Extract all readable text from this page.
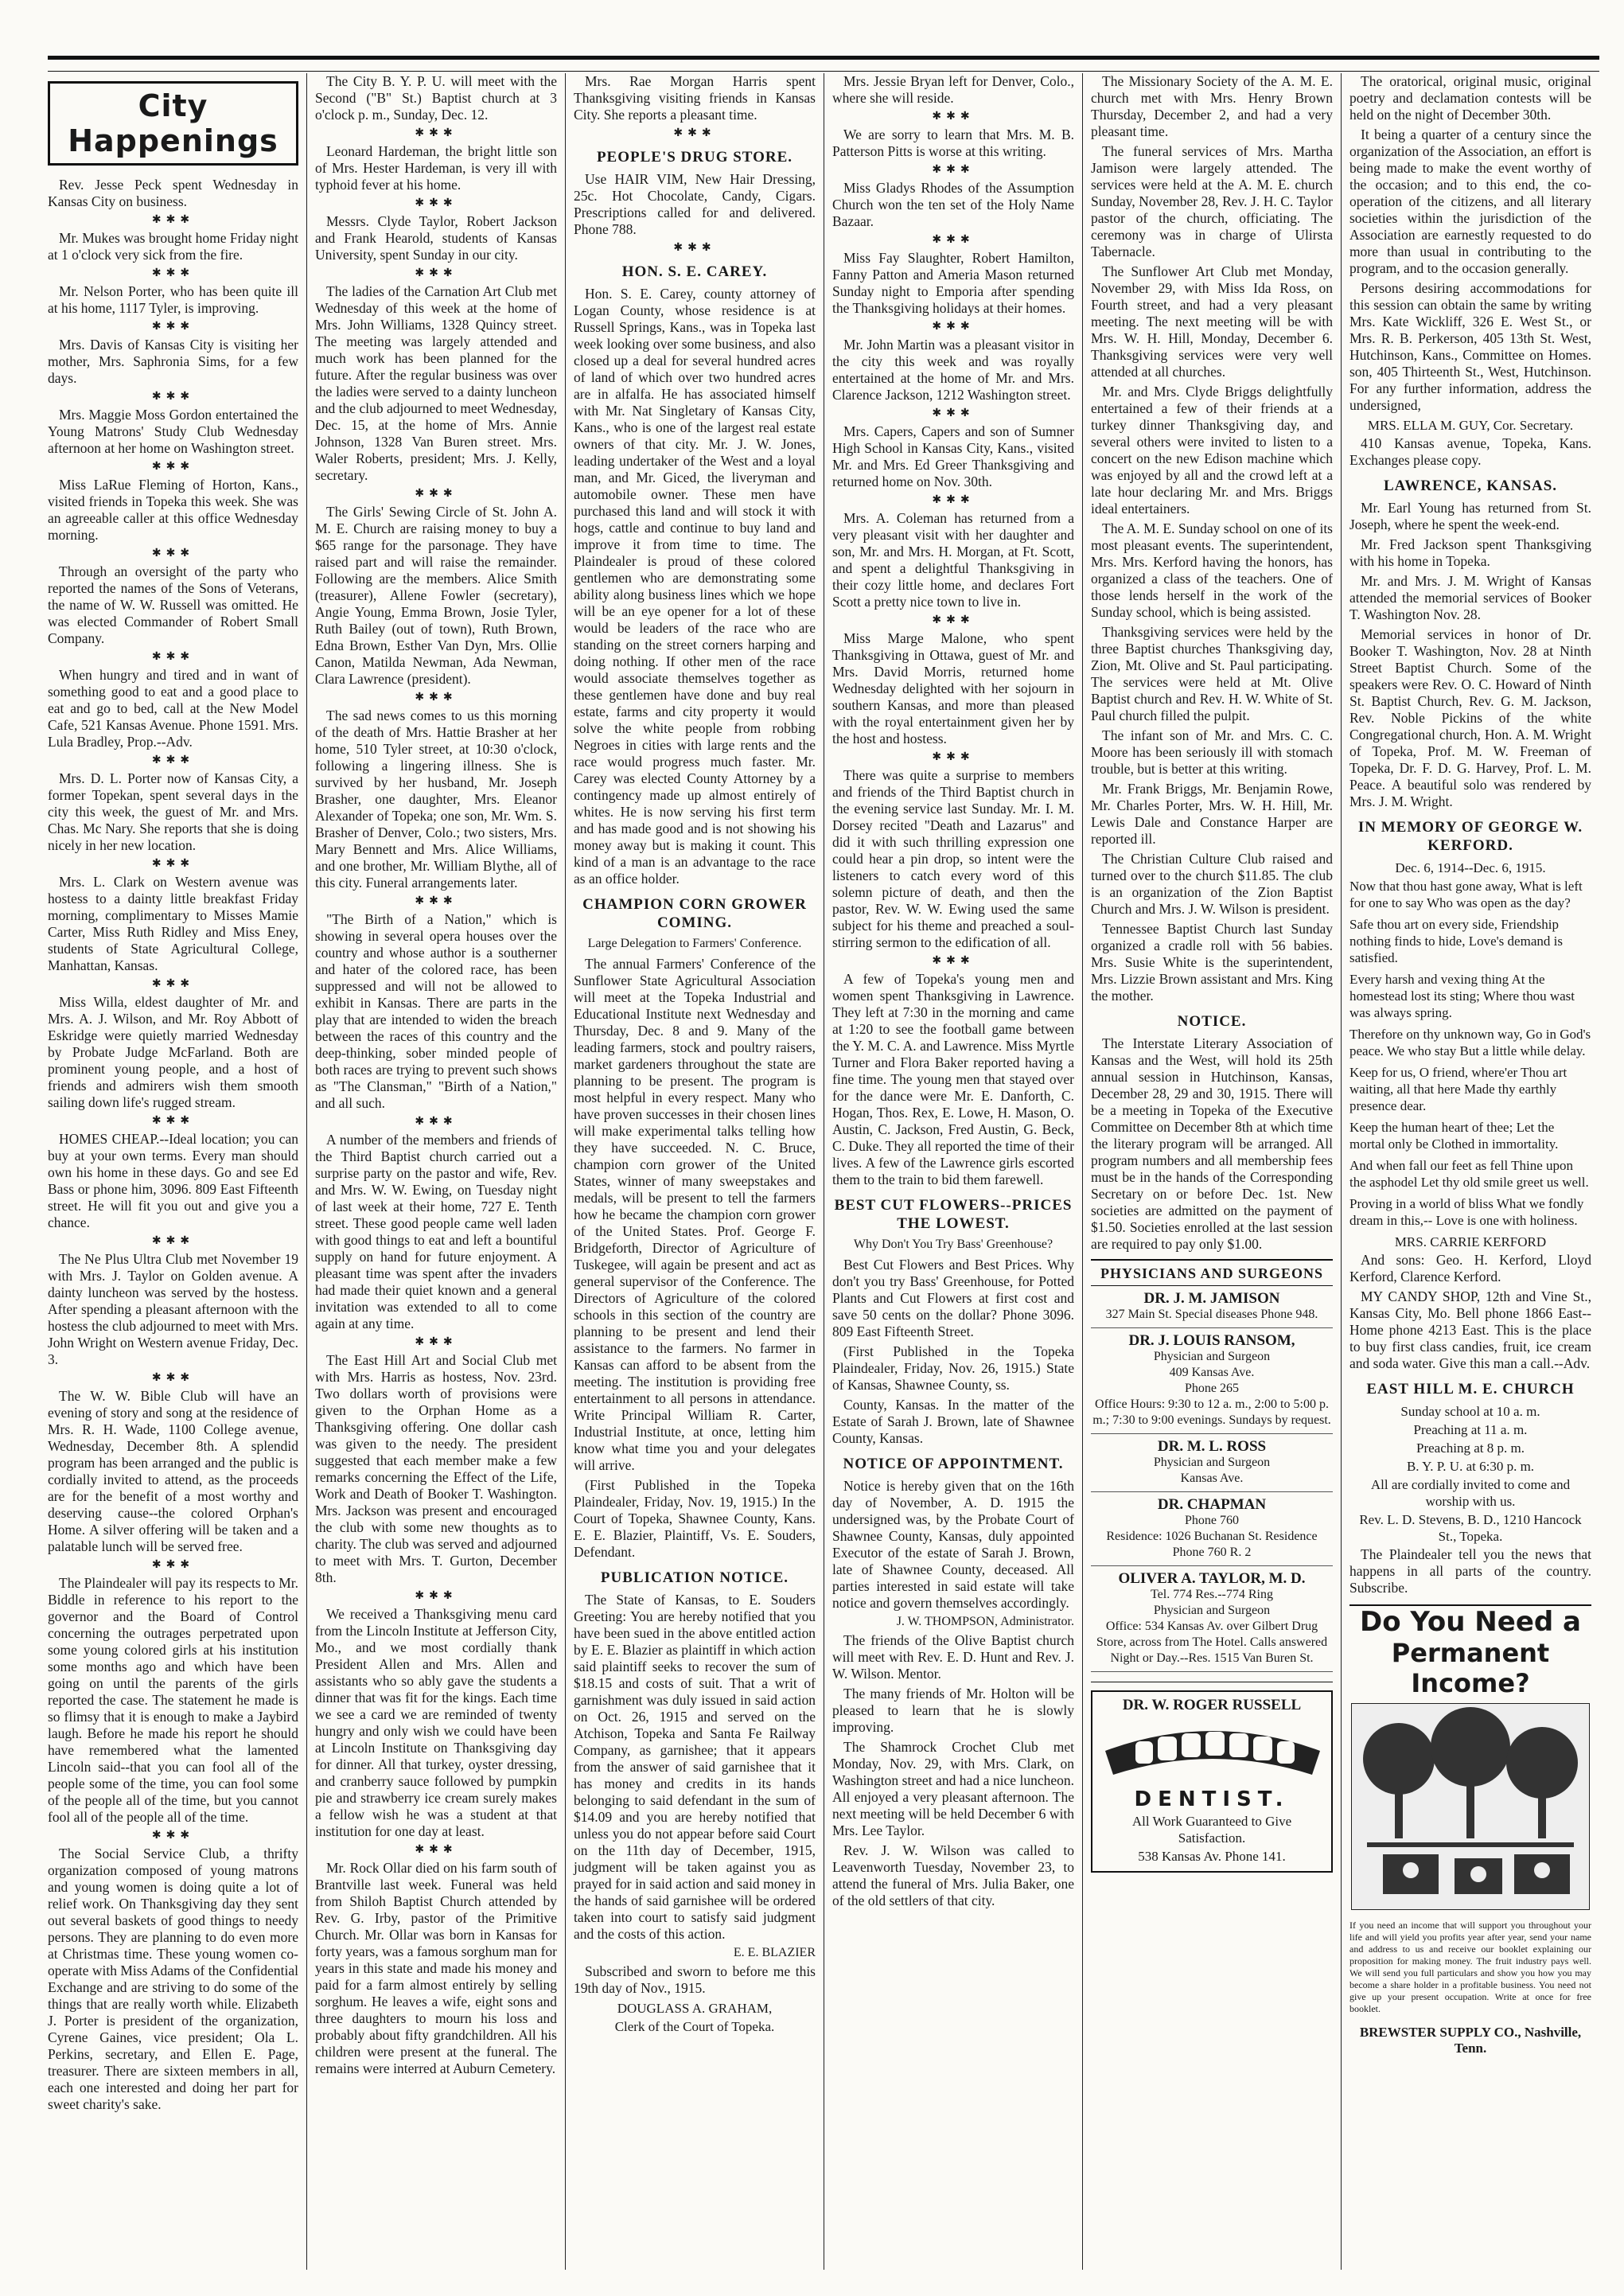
City Happenings

Rev. Jesse Peck spent Wednesday in Kansas City on business.

✱✱✱

Mr. Mukes was brought home Friday night at 1 o'clock very sick from the fire.

✱✱✱

Mr. Nelson Porter, who has been quite ill at his home, 1117 Tyler, is improving.

✱✱✱

Mrs. Davis of Kansas City is visiting her mother, Mrs. Saphronia Sims, for a few days.

✱✱✱

Mrs. Maggie Moss Gordon entertained the Young Matrons' Study Club Wednesday afternoon at her home on Washington street.

✱✱✱

Miss LaRue Fleming of Horton, Kans., visited friends in Topeka this week. She was an agreeable caller at this office Wednesday morning.

✱✱✱

Through an oversight of the party who reported the names of the Sons of Veterans, the name of W. W. Russell was omitted. He was elected Commander of Robert Small Company.

✱✱✱

When hungry and tired and in want of something good to eat and a good place to eat and go to bed, call at the New Model Cafe, 521 Kansas Avenue. Phone 1591. Mrs. Lula Bradley, Prop.--Adv.

✱✱✱

Mrs. D. L. Porter now of Kansas City, a former Topekan, spent several days in the city this week, the guest of Mr. and Mrs. Chas. Mc Nary. She reports that she is doing nicely in her new location.

✱✱✱

Mrs. L. Clark on Western avenue was hostess to a dainty little breakfast Friday morning, complimentary to Misses Mamie Carter, Miss Ruth Ridley and Miss Eney, students of State Agricultural College, Manhattan, Kansas.

✱✱✱

Miss Willa, eldest daughter of Mr. and Mrs. A. J. Wilson, and Mr. Roy Abbott of Eskridge were quietly married Wednesday by Probate Judge McFarland. Both are prominent young people, and a host of friends and admirers wish them smooth sailing down life's rugged stream.

✱✱✱

HOMES CHEAP.--Ideal location; you can buy at your own terms. Every man should own his home in these days. Go and see Ed Bass or phone him, 3096. 809 East Fifteenth street. He will fit you out and give you a chance.

✱✱✱

The Ne Plus Ultra Club met November 19 with Mrs. J. Taylor on Golden avenue. A dainty luncheon was served by the hostess. After spending a pleasant afternoon with the hostess the club adjourned to meet with Mrs. John Wright on Western avenue Friday, Dec. 3.

✱✱✱

The W. W. Bible Club will have an evening of story and song at the residence of Mrs. R. H. Wade, 1100 College avenue, Wednesday, December 8th. A splendid program has been arranged and the public is cordially invited to attend, as the proceeds are for the benefit of a most worthy and deserving cause--the colored Orphan's Home. A silver offering will be taken and a palatable lunch will be served free.

✱✱✱

The Plaindealer will pay its respects to Mr. Biddle in reference to his report to the governor and the Board of Control concerning the outrages perpetrated upon some young colored girls at his institution some months ago and which have been going on until the parents of the girls reported the case. The statement he made is so flimsy that it is enough to make a Jaybird laugh. Before he made his report he should have remembered what the lamented Lincoln said--that you can fool all of the people some of the time, you can fool some of the people all of the time, but you cannot fool all of the people all of the time.

✱✱✱

The Social Service Club, a thrifty organization composed of young matrons and young women is doing quite a lot of relief work. On Thanksgiving day they sent out several baskets of good things to needy persons. They are planning to do even more at Christmas time. These young women co-operate with Miss Adams of the Confidential Exchange and are striving to do some of the things that are really worth while. Elizabeth J. Porter is president of the organization, Cyrene Gaines, vice president; Ola L. Perkins, secretary, and Ellen E. Page, treasurer. There are sixteen members in all, each one interested and doing her part for sweet charity's sake.

The City B. Y. P. U. will meet with the Second ("B" St.) Baptist church at 3 o'clock p. m., Sunday, Dec. 12.

✱✱✱

Leonard Hardeman, the bright little son of Mrs. Hester Hardeman, is very ill with typhoid fever at his home.

✱✱✱

Messrs. Clyde Taylor, Robert Jackson and Frank Hearold, students of Kansas University, spent Sunday in our city.

✱✱✱

The ladies of the Carnation Art Club met Wednesday of this week at the home of Mrs. John Williams, 1328 Quincy street. The meeting was largely attended and much work has been planned for the future. After the regular business was over the ladies were served to a dainty luncheon and the club adjourned to meet Wednesday, Dec. 15, at the home of Mrs. Annie Johnson, 1328 Van Buren street. Mrs. Waler Roberts, president; Mrs. J. Kelly, secretary.

✱✱✱

The Girls' Sewing Circle of St. John A. M. E. Church are raising money to buy a $65 range for the parsonage. They have raised part and will raise the remainder. Following are the members. Alice Smith (treasurer), Allene Fowler (secretary), Angie Young, Emma Brown, Josie Tyler, Ruth Bailey (out of town), Ruth Brown, Edna Brown, Esther Van Dyn, Mrs. Ollie Canon, Matilda Newman, Ada Newman, Clara Lawrence (president).

✱✱✱

The sad news comes to us this morning of the death of Mrs. Hattie Brasher at her home, 510 Tyler street, at 10:30 o'clock, following a lingering illness. She is survived by her husband, Mr. Joseph Brasher, one daughter, Mrs. Eleanor Alexander of Topeka; one son, Mr. Wm. S. Brasher of Denver, Colo.; two sisters, Mrs. Mary Bennett and Mrs. Alice Williams, and one brother, Mr. William Blythe, all of this city. Funeral arrangements later.

✱✱✱

"The Birth of a Nation," which is showing in several opera houses over the country and whose author is a southerner and hater of the colored race, has been suppressed and will not be allowed to exhibit in Kansas. There are parts in the play that are intended to widen the breach between the races of this country and the deep-thinking, sober minded people of both races are trying to prevent such shows as "The Clansman," "Birth of a Nation," and all such.

✱✱✱

A number of the members and friends of the Third Baptist church carried out a surprise party on the pastor and wife, Rev. and Mrs. W. W. Ewing, on Tuesday night of last week at their home, 727 E. Tenth street. These good people came well laden with good things to eat and left a bountiful supply on hand for future enjoyment. A pleasant time was spent after the invaders had made their quiet known and a general invitation was extended to all to come again at any time.

✱✱✱

The East Hill Art and Social Club met with Mrs. Harris as hostess, Nov. 23rd. Two dollars worth of provisions were given to the Orphan Home as a Thanksgiving offering. One dollar cash was given to the needy. The president suggested that each member make a few remarks concerning the Effect of the Life, Work and Death of Booker T. Washington. Mrs. Jackson was present and encouraged the club with some new thoughts as to charity. The club was served and adjourned to meet with Mrs. T. Gurton, December 8th.

✱✱✱

We received a Thanksgiving menu card from the Lincoln Institute at Jefferson City, Mo., and we most cordially thank President Allen and Mrs. Allen and assistants who so ably gave the students a dinner that was fit for the kings. Each time we see a card we are reminded of twenty hungry and only wish we could have been at Lincoln Institute on Thanksgiving day for dinner. All that turkey, oyster dressing, and cranberry sauce followed by pumpkin pie and strawberry ice cream surely makes a fellow wish he was a student at that institution for one day at least.

✱✱✱

Mr. Rock Ollar died on his farm south of Brantville last week. Funeral was held from Shiloh Baptist Church attended by Rev. G. Irby, pastor of the Primitive Church. Mr. Ollar was born in Kansas for forty years, was a famous sorghum man for years in this state and made his money and paid for a farm almost entirely by selling sorghum. He leaves a wife, eight sons and three daughters to mourn his loss and probably about fifty grandchildren. All his children were present at the funeral. The remains were interred at Auburn Cemetery.

Mrs. Rae Morgan Harris spent Thanksgiving visiting friends in Kansas City. She reports a pleasant time.

✱✱✱
PEOPLE'S DRUG STORE.

Use HAIR VIM, New Hair Dressing, 25c. Hot Chocolate, Candy, Cigars. Prescriptions called for and delivered. Phone 788.

✱✱✱
HON. S. E. CAREY.

Hon. S. E. Carey, county attorney of Logan County, whose residence is at Russell Springs, Kans., was in Topeka last week looking over some business, and also closed up a deal for several hundred acres of land of which over two hundred acres are in alfalfa. He has associated himself with Mr. Nat Singletary of Kansas City, Kans., who is one of the largest real estate owners of that city. Mr. J. W. Jones, leading undertaker of the West and a loyal man, and Mr. Giced, the liveryman and automobile owner. These men have purchased this land and will stock it with hogs, cattle and continue to buy land and improve it from time to time. The Plaindealer is proud of these colored gentlemen who are demonstrating some ability along business lines which we hope will be an eye opener for a lot of these would be leaders of the race who are standing on the street corners harping and doing nothing. If other men of the race would associate themselves together as these gentlemen have done and buy real estate, farms and city property it would solve the white people from robbing Negroes in cities with large rents and the race would progress much faster. Mr. Carey was elected County Attorney by a contingency made up almost entirely of whites. He is now serving his first term and has made good and is not showing his money away but is making it count. This kind of a man is an advantage to the race as an office holder.

CHAMPION CORN GROWER COMING.
Large Delegation to Farmers' Conference.

The annual Farmers' Conference of the Sunflower State Agricultural Association will meet at the Topeka Industrial and Educational Institute next Wednesday and Thursday, Dec. 8 and 9. Many of the leading farmers, stock and poultry raisers, market gardeners throughout the state are planning to be present. The program is most helpful in every respect. Many who have proven successes in their chosen lines will make experimental talks telling how they have succeeded. N. C. Bruce, champion corn grower of the United States, winner of many sweepstakes and medals, will be present to tell the farmers how he became the champion corn grower of the United States. Prof. George F. Bridgeforth, Director of Agriculture of Tuskegee, will again be present and act as general supervisor of the Conference. The Directors of Agriculture of the colored schools in this section of the country are planning to be present and lend their assistance to the farmers. No farmer in Kansas can afford to be absent from the meeting. The institution is providing free entertainment to all persons in attendance. Write Principal William R. Carter, Industrial Institute, at once, letting him know what time you and your delegates will arrive.

(First Published in the Topeka Plaindealer, Friday, Nov. 19, 1915.) In the Court of Topeka, Shawnee County, Kans. E. E. Blazier, Plaintiff, Vs. E. Souders, Defendant.

PUBLICATION NOTICE.

The State of Kansas, to E. Souders Greeting: You are hereby notified that you have been sued in the above entitled action by E. E. Blazier as plaintiff in which action said plaintiff seeks to recover the sum of $18.15 and costs of suit. That a writ of garnishment was duly issued in said action on Oct. 26, 1915 and served on the Atchison, Topeka and Santa Fe Railway Company, as garnishee; that it appears from the answer of said garnishee that it has money and credits in its hands belonging to said defendant in the sum of $14.09 and you are hereby notified that unless you do not appear before said Court on the 11th day of December, 1915, judgment will be taken against you as prayed for in said action and said money in the hands of said garnishee will be ordered taken into court to satisfy said judgment and the costs of this action.

E. E. BLAZIER

Subscribed and sworn to before me this 19th day of Nov., 1915.

DOUGLASS A. GRAHAM,
Clerk of the Court of Topeka.

Mrs. Jessie Bryan left for Denver, Colo., where she will reside.

✱✱✱

We are sorry to learn that Mrs. M. B. Patterson Pitts is worse at this writing.

✱✱✱

Miss Gladys Rhodes of the Assumption Church won the ten set of the Holy Name Bazaar.

✱✱✱

Miss Fay Slaughter, Robert Hamilton, Fanny Patton and Ameria Mason returned Sunday night to Emporia after spending the Thanksgiving holidays at their homes.

✱✱✱

Mr. John Martin was a pleasant visitor in the city this week and was royally entertained at the home of Mr. and Mrs. Clarence Jackson, 1212 Washington street.

✱✱✱

Mrs. Capers, Capers and son of Sumner High School in Kansas City, Kans., visited Mr. and Mrs. Ed Greer Thanksgiving and returned home on Nov. 30th.

✱✱✱

Mrs. A. Coleman has returned from a very pleasant visit with her daughter and son, Mr. and Mrs. H. Morgan, at Ft. Scott, and spent a delightful Thanksgiving in their cozy little home, and declares Fort Scott a pretty nice town to live in.

✱✱✱

Miss Marge Malone, who spent Thanksgiving in Ottawa, guest of Mr. and Mrs. David Morris, returned home Wednesday delighted with her sojourn in southern Kansas, and more than pleased with the royal entertainment given her by the host and hostess.

✱✱✱

There was quite a surprise to members and friends of the Third Baptist church in the evening service last Sunday. Mr. I. M. Dorsey recited "Death and Lazarus" and did it with such thrilling expression one could hear a pin drop, so intent were the listeners to catch every word of this solemn picture of death, and then the pastor, Rev. W. W. Ewing used the same subject for his theme and preached a soul-stirring sermon to the edification of all.

✱✱✱

A few of Topeka's young men and women spent Thanksgiving in Lawrence. They left at 7:30 in the morning and came at 1:20 to see the football game between the Y. M. C. A. and Lawrence. Miss Myrtle Turner and Flora Baker reported having a fine time. The young men that stayed over for the dance were Mr. E. Danforth, C. Hogan, Thos. Rex, E. Lowe, H. Mason, O. Austin, C. Jackson, Fred Austin, G. Beck, C. Duke. They all reported the time of their lives. A few of the Lawrence girls escorted them to the train to bid them farewell.

BEST CUT FLOWERS--PRICES THE LOWEST.
Why Don't You Try Bass' Greenhouse?

Best Cut Flowers and Best Prices. Why don't you try Bass' Greenhouse, for Potted Plants and Cut Flowers at first cost and save 50 cents on the dollar? Phone 3096. 809 East Fifteenth Street.

(First Published in the Topeka Plaindealer, Friday, Nov. 26, 1915.) State of Kansas, Shawnee County, ss.

County, Kansas. In the matter of the Estate of Sarah J. Brown, late of Shawnee County, Kansas.

NOTICE OF APPOINTMENT.

Notice is hereby given that on the 16th day of November, A. D. 1915 the undersigned was, by the Probate Court of Shawnee County, Kansas, duly appointed Executor of the estate of Sarah J. Brown, late of Shawnee County, deceased. All parties interested in said estate will take notice and govern themselves accordingly.

J. W. THOMPSON, Administrator.

The friends of the Olive Baptist church will meet with Rev. E. D. Hunt and Rev. J. W. Wilson. Mentor.

The many friends of Mr. Holton will be pleased to learn that he is slowly improving.

The Shamrock Crochet Club met Monday, Nov. 29, with Mrs. Clark, on Washington street and had a nice luncheon. All enjoyed a very pleasant afternoon. The next meeting will be held December 6 with Mrs. Lee Taylor.

Rev. J. W. Wilson was called to Leavenworth Tuesday, November 23, to attend the funeral of Mrs. Julia Baker, one of the old settlers of that city.

The Missionary Society of the A. M. E. church met with Mrs. Henry Brown Thursday, December 2, and had a very pleasant time.

The funeral services of Mrs. Martha Jamison were largely attended. The services were held at the A. M. E. church Sunday, November 28, Rev. J. H. C. Taylor pastor of the church, officiating. The ceremony was in charge of Ulirsta Tabernacle.

The Sunflower Art Club met Monday, November 29, with Miss Ida Ross, on Fourth street, and had a very pleasant meeting. The next meeting will be with Mrs. W. H. Hill, Monday, December 6. Thanksgiving services were very well attended at all churches.

Mr. and Mrs. Clyde Briggs delightfully entertained a few of their friends at a turkey dinner Thanksgiving day, and several others were invited to listen to a concert on the new Edison machine which was enjoyed by all and the crowd left at a late hour declaring Mr. and Mrs. Briggs ideal entertainers.

The A. M. E. Sunday school on one of its most pleasant events. The superintendent, Mrs. Mrs. Kerford having the honors, has organized a class of the teachers. One of those lends herself in the work of the Sunday school, which is being assisted.

Thanksgiving services were held by the three Baptist churches Thanksgiving day, Zion, Mt. Olive and St. Paul participating. The services were held at Mt. Olive Baptist church and Rev. H. W. White of St. Paul church filled the pulpit.

The infant son of Mr. and Mrs. C. C. Moore has been seriously ill with stomach trouble, but is better at this writing.

Mr. Frank Briggs, Mr. Benjamin Rowe, Mr. Charles Porter, Mrs. W. H. Hill, Mr. Lewis Dale and Constance Harper are reported ill.

The Christian Culture Club raised and turned over to the church $11.85. The club is an organization of the Zion Baptist Church and Mrs. J. W. Wilson is president.

Tennessee Baptist Church last Sunday organized a cradle roll with 56 babies. Mrs. Susie White is the superintendent, Mrs. Lizzie Brown assistant and Mrs. King the mother.

NOTICE.

The Interstate Literary Association of Kansas and the West, will hold its 25th annual session in Hutchinson, Kansas, December 28, 29 and 30, 1915. There will be a meeting in Topeka of the Executive Committee on December 8th at which time the literary program will be arranged. All program numbers and all membership fees must be in the hands of the Corresponding Secretary on or before Dec. 1st. New societies are admitted on the payment of $1.50. Societies enrolled at the last session are required to pay only $1.00.

PHYSICIANS AND SURGEONS
DR. J. M. JAMISON
327 Main St. Special diseases Phone 948.
DR. J. LOUIS RANSOM,
Physician and Surgeon
409 Kansas Ave.
Phone 265
Office Hours: 9:30 to 12 a. m., 2:00 to 5:00 p. m.; 7:30 to 9:00 evenings. Sundays by request.
DR. M. L. ROSS
Physician and Surgeon
Kansas Ave.
DR. CHAPMAN
Phone 760
Residence: 1026 Buchanan St. Residence Phone 760 R. 2
OLIVER A. TAYLOR, M. D.
Tel. 774 Res.--774 Ring
Physician and Surgeon
Office: 534 Kansas Av. over Gilbert Drug Store, across from The Hotel. Calls answered Night or Day.--Res. 1515 Van Buren St.
DR. W. ROGER RUSSELL
DENTIST.
All Work Guaranteed to Give Satisfaction.
538 Kansas Av. Phone 141.

The oratorical, original music, original poetry and declamation contests will be held on the night of December 30th.

It being a quarter of a century since the organization of the Association, an effort is being made to make the event worthy of the occasion; and to this end, the co-operation of the citizens, and all literary societies within the jurisdiction of the Association are earnestly requested to do more than usual in contributing to the program, and to the occasion generally.

Persons desiring accommodations for this session can obtain the same by writing Mrs. Kate Wickliff, 326 E. West St., or Mrs. R. B. Perkerson, 405 13th St. West, Hutchinson, Kans., Committee on Homes. son, 405 Thirteenth St., West, Hutchinson. For any further information, address the undersigned,

MRS. ELLA M. GUY, Cor. Secretary.

410 Kansas avenue, Topeka, Kans. Exchanges please copy.

LAWRENCE, KANSAS.

Mr. Earl Young has returned from St. Joseph, where he spent the week-end.

Mr. Fred Jackson spent Thanksgiving with his home in Topeka.

Mr. and Mrs. J. M. Wright of Kansas attended the memorial services of Booker T. Washington Nov. 28.

Memorial services in honor of Dr. Booker T. Washington, Nov. 28 at Ninth Street Baptist Church. Some of the speakers were Rev. O. C. Howard of Ninth St. Baptist Church, Rev. G. M. Jackson, Rev. Noble Pickins of the white Congregational church, Hon. A. M. Wright of Topeka, Prof. M. W. Freeman of Topeka, Dr. F. D. G. Harvey, Prof. L. M. Peace. A beautiful solo was rendered by Mrs. J. M. Wright.

IN MEMORY OF GEORGE W. KERFORD.
Dec. 6, 1914--Dec. 6, 1915.

Now that thou hast gone away, What is left for one to say Who was open as the day?

Safe thou art on every side, Friendship nothing finds to hide, Love's demand is satisfied.

Every harsh and vexing thing At the homestead lost its sting; Where thou wast was always spring.

Therefore on thy unknown way, Go in God's peace. We who stay But a little while delay.

Keep for us, O friend, where'er Thou art waiting, all that here Made thy earthly presence dear.

Keep the human heart of thee; Let the mortal only be Clothed in immortality.

And when fall our feet as fell Thine upon the asphodel Let thy old smile greet us well.

Proving in a world of bliss What we fondly dream in this,-- Love is one with holiness.

MRS. CARRIE KERFORD

And sons: Geo. H. Kerford, Lloyd Kerford, Clarence Kerford.

MY CANDY SHOP, 12th and Vine St., Kansas City, Mo. Bell phone 1866 East--Home phone 4213 East. This is the place to buy first class candies, fruit, ice cream and soda water. Give this man a call.--Adv.

EAST HILL M. E. CHURCH

Sunday school at 10 a. m.

Preaching at 11 a. m.

Preaching at 8 p. m.

B. Y. P. U. at 6:30 p. m.

All are cordially invited to come and worship with us.

Rev. L. D. Stevens, B. D., 1210 Hancock St., Topeka.

The Plaindealer tell you the news that happens in all parts of the country. Subscribe.

Do You Need a
Permanent Income?

If you need an income that will support you throughout your life and will yield you profits year after year, send your name and address to us and receive our booklet explaining our proposition for making money. The fruit industry pays well. We will send you full particulars and show you how you may become a share holder in a profitable business. You need not give up your present occupation. Write at once for free booklet.

BREWSTER SUPPLY CO., Nashville, Tenn.
